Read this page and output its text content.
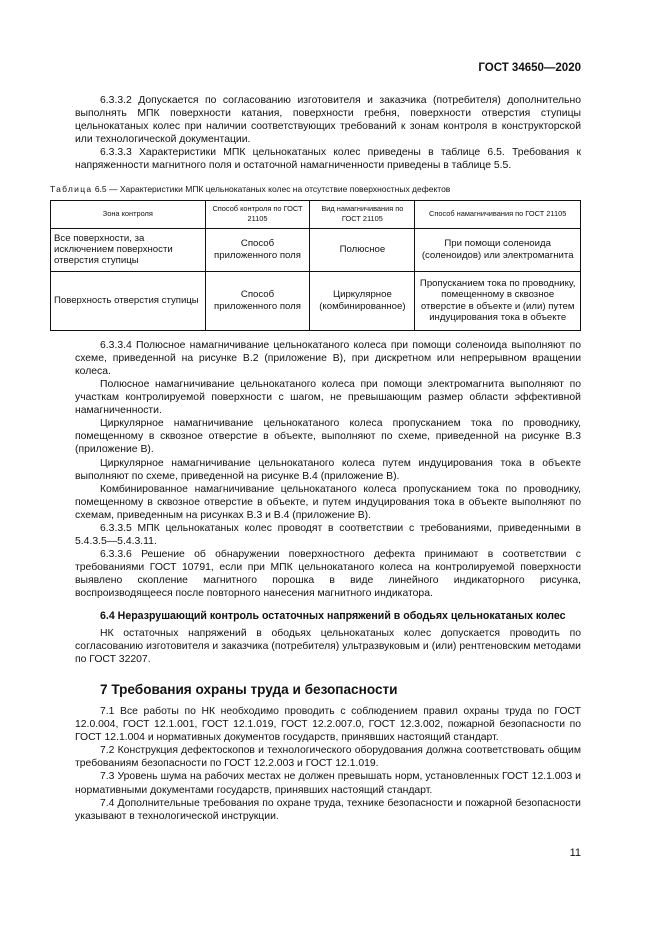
ГОСТ 34650—2020

6.3.3.2 Допускается по согласованию изготовителя и заказчика (потребителя) дополнительно выполнять МПК поверхности катания, поверхности гребня, поверхности отверстия ступицы цельнокатаных колес при наличии соответствующих требований к зонам контроля в конструкторской или технологической документации.

6.3.3.3 Характеристики МПК цельнокатаных колес приведены в таблице 6.5. Требования к напряженности магнитного поля и остаточной намагниченности приведены в таблице 5.5.

Таблица 6.5 — Характеристики МПК цельнокатаных колес на отсутствие поверхностных дефектов
Зона контроля	Способ контроля по ГОСТ 21105	Вид намагничивания по ГОСТ 21105	Способ намагничивания по ГОСТ 21105
Все поверхности, за исключением поверхности отверстия ступицы	Способ приложенного поля	Полюсное	При помощи соленоида (соленоидов) или электромагнита
Поверхность отверстия ступицы	Способ приложенного поля	Циркулярное (комбинированное)	Пропусканием тока по проводнику, помещенному в сквозное отверстие в объекте и (или) путем индуцирования тока в объекте

6.3.3.4 Полюсное намагничивание цельнокатаного колеса при помощи соленоида выполняют по схеме, приведенной на рисунке В.2 (приложение В), при дискретном или непрерывном вращении колеса.

Полюсное намагничивание цельнокатаного колеса при помощи электромагнита выполняют по участкам контролируемой поверхности с шагом, не превышающим размер области эффективной намагниченности.

Циркулярное намагничивание цельнокатаного колеса пропусканием тока по проводнику, помещенному в сквозное отверстие в объекте, выполняют по схеме, приведенной на рисунке В.3 (приложение В).

Циркулярное намагничивание цельнокатаного колеса путем индуцирования тока в объекте выполняют по схеме, приведенной на рисунке В.4 (приложение В).

Комбинированное намагничивание цельнокатаного колеса пропусканием тока по проводнику, помещенному в сквозное отверстие в объекте, и путем индуцирования тока в объекте выполняют по схемам, приведенным на рисунках В.3 и В.4 (приложение В).

6.3.3.5 МПК цельнокатаных колес проводят в соответствии с требованиями, приведенными в 5.4.3.5—5.4.3.11.

6.3.3.6 Решение об обнаружении поверхностного дефекта принимают в соответствии с требованиями ГОСТ 10791, если при МПК цельнокатаного колеса на контролируемой поверхности выявлено скопление магнитного порошка в виде линейного индикаторного рисунка, воспроизводящееся после повторного нанесения магнитного индикатора.

6.4 Неразрушающий контроль остаточных напряжений в ободьях цельнокатаных колес

НК остаточных напряжений в ободьях цельнокатаных колес допускается проводить по согласованию изготовителя и заказчика (потребителя) ультразвуковым и (или) рентгеновским методами по ГОСТ 32207.

7 Требования охраны труда и безопасности

7.1 Все работы по НК необходимо проводить с соблюдением правил охраны труда по ГОСТ 12.0.004, ГОСТ 12.1.001, ГОСТ 12.1.019, ГОСТ 12.2.007.0, ГОСТ 12.3.002, пожарной безопасности по ГОСТ 12.1.004 и нормативных документов государств, принявших настоящий стандарт.

7.2 Конструкция дефектоскопов и технологического оборудования должна соответствовать общим требованиям безопасности по ГОСТ 12.2.003 и ГОСТ 12.1.019.

7.3 Уровень шума на рабочих местах не должен превышать норм, установленных ГОСТ 12.1.003 и нормативными документами государств, принявших настоящий стандарт.

7.4 Дополнительные требования по охране труда, технике безопасности и пожарной безопасности указывают в технологической инструкции.

11
